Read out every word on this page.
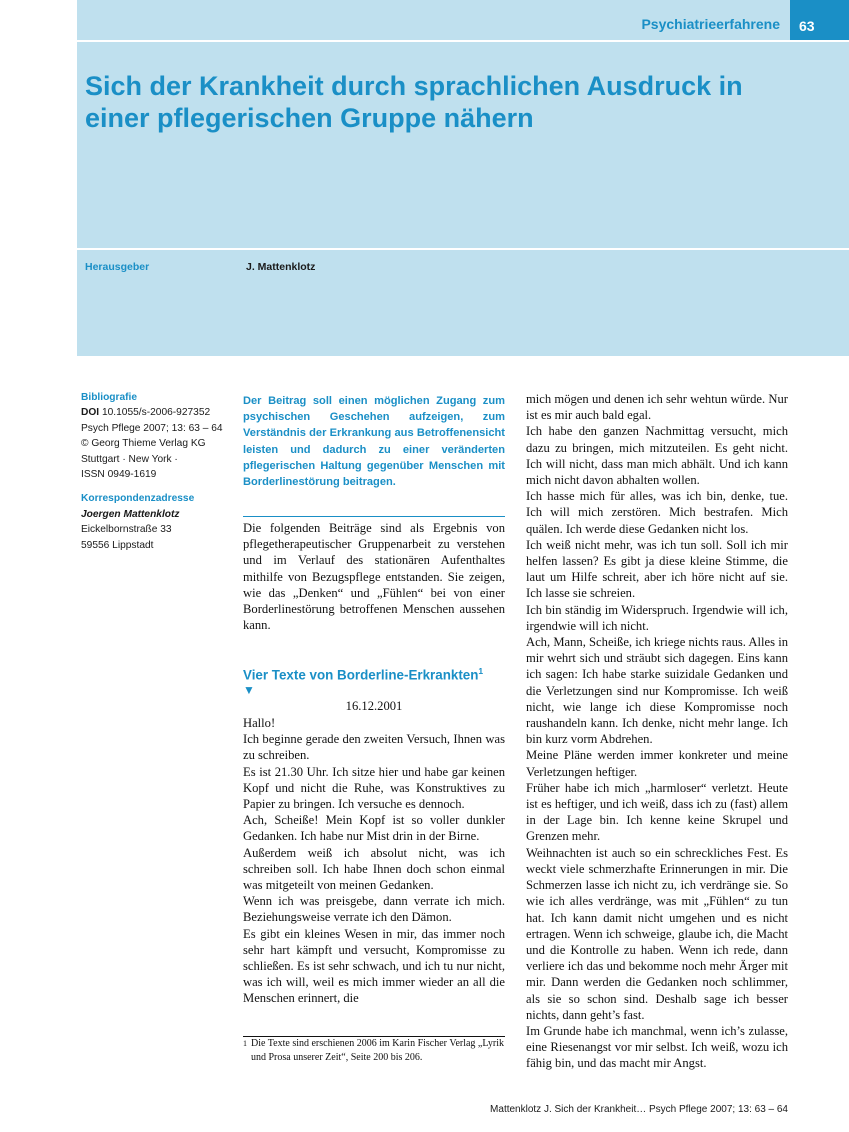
Psychiatrieerfahrene	63
Sich der Krankheit durch sprachlichen Ausdruck in einer pflegerischen Gruppe nähern
Herausgeber	J. Mattenklotz
Bibliografie
DOI 10.1055/s-2006-927352
Psych Pflege 2007; 13: 63 – 64
© Georg Thieme Verlag KG
Stuttgart · New York ·
ISSN 0949-1619
Korrespondenzadresse
Joergen Mattenklotz
Eickelbornstraße 33
59556 Lippstadt

Der Beitrag soll einen möglichen Zugang zum psychischen Geschehen aufzeigen, zum Verständnis der Erkrankung aus Betroffenensicht leisten und dadurch zu einer veränderten pflegerischen Haltung gegenüber Menschen mit Borderlinestörung beitragen.

Die folgenden Beiträge sind als Ergebnis von pflegetherapeutischer Gruppenarbeit zu verstehen und im Verlauf des stationären Aufenthaltes mithilfe von Bezugspflege entstanden. Sie zeigen, wie das „Denken“ und „Fühlen“ bei von einer Borderlinestörung betroffenen Menschen aussehen kann.

Vier Texte von Borderline-Erkrankten$^1$
▼
16.12.2001

Hallo!

Ich beginne gerade den zweiten Versuch, Ihnen was zu schreiben.

Es ist 21.30 Uhr. Ich sitze hier und habe gar keinen Kopf und nicht die Ruhe, was Konstruktives zu Papier zu bringen. Ich versuche es dennoch.

Ach, Scheiße! Mein Kopf ist so voller dunkler Gedanken. Ich habe nur Mist drin in der Birne.

Außerdem weiß ich absolut nicht, was ich schreiben soll. Ich habe Ihnen doch schon einmal was mitgeteilt von meinen Gedanken.

Wenn ich was preisgebe, dann verrate ich mich. Beziehungsweise verrate ich den Dämon.

Es gibt ein kleines Wesen in mir, das immer noch sehr hart kämpft und versucht, Kompromisse zu schließen. Es ist sehr schwach, und ich tu nur nicht, was ich will, weil es mich immer wieder an all die Menschen erinnert, die

mich mögen und denen ich sehr wehtun würde. Nur ist es mir auch bald egal.

Ich habe den ganzen Nachmittag versucht, mich dazu zu bringen, mich mitzuteilen. Es geht nicht. Ich will nicht, dass man mich abhält. Und ich kann mich nicht davon abhalten wollen.

Ich hasse mich für alles, was ich bin, denke, tue. Ich will mich zerstören. Mich bestrafen. Mich quälen. Ich werde diese Gedanken nicht los.

Ich weiß nicht mehr, was ich tun soll. Soll ich mir helfen lassen? Es gibt ja diese kleine Stimme, die laut um Hilfe schreit, aber ich höre nicht auf sie. Ich lasse sie schreien.

Ich bin ständig im Widerspruch. Irgendwie will ich, irgendwie will ich nicht.

Ach, Mann, Scheiße, ich kriege nichts raus. Alles in mir wehrt sich und sträubt sich dagegen. Eins kann ich sagen: Ich habe starke suizidale Gedanken und die Verletzungen sind nur Kompromisse. Ich weiß nicht, wie lange ich diese Kompromisse noch raushandeln kann. Ich denke, nicht mehr lange. Ich bin kurz vorm Abdrehen.

Meine Pläne werden immer konkreter und meine Verletzungen heftiger.

Früher habe ich mich „harmloser“ verletzt. Heute ist es heftiger, und ich weiß, dass ich zu (fast) allem in der Lage bin. Ich kenne keine Skrupel und Grenzen mehr.

Weihnachten ist auch so ein schreckliches Fest. Es weckt viele schmerzhafte Erinnerungen in mir. Die Schmerzen lasse ich nicht zu, ich verdränge sie. So wie ich alles verdränge, was mit „Fühlen“ zu tun hat. Ich kann damit nicht umgehen und es nicht ertragen. Wenn ich schweige, glaube ich, die Macht und die Kontrolle zu haben. Wenn ich rede, dann verliere ich das und bekomme noch mehr Ärger mit mir. Dann werden die Gedanken noch schlimmer, als sie so schon sind. Deshalb sage ich besser nichts, dann geht’s fast.

Im Grunde habe ich manchmal, wenn ich’s zulasse, eine Riesenangst vor mir selbst. Ich weiß, wozu ich fähig bin, und das macht mir Angst.

1 Die Texte sind erschienen 2006 im Karin Fischer Verlag „Lyrik und Prosa unserer Zeit“, Seite 200 bis 206.
Mattenklotz J. Sich der Krankheit… Psych Pflege 2007; 13: 63 – 64
